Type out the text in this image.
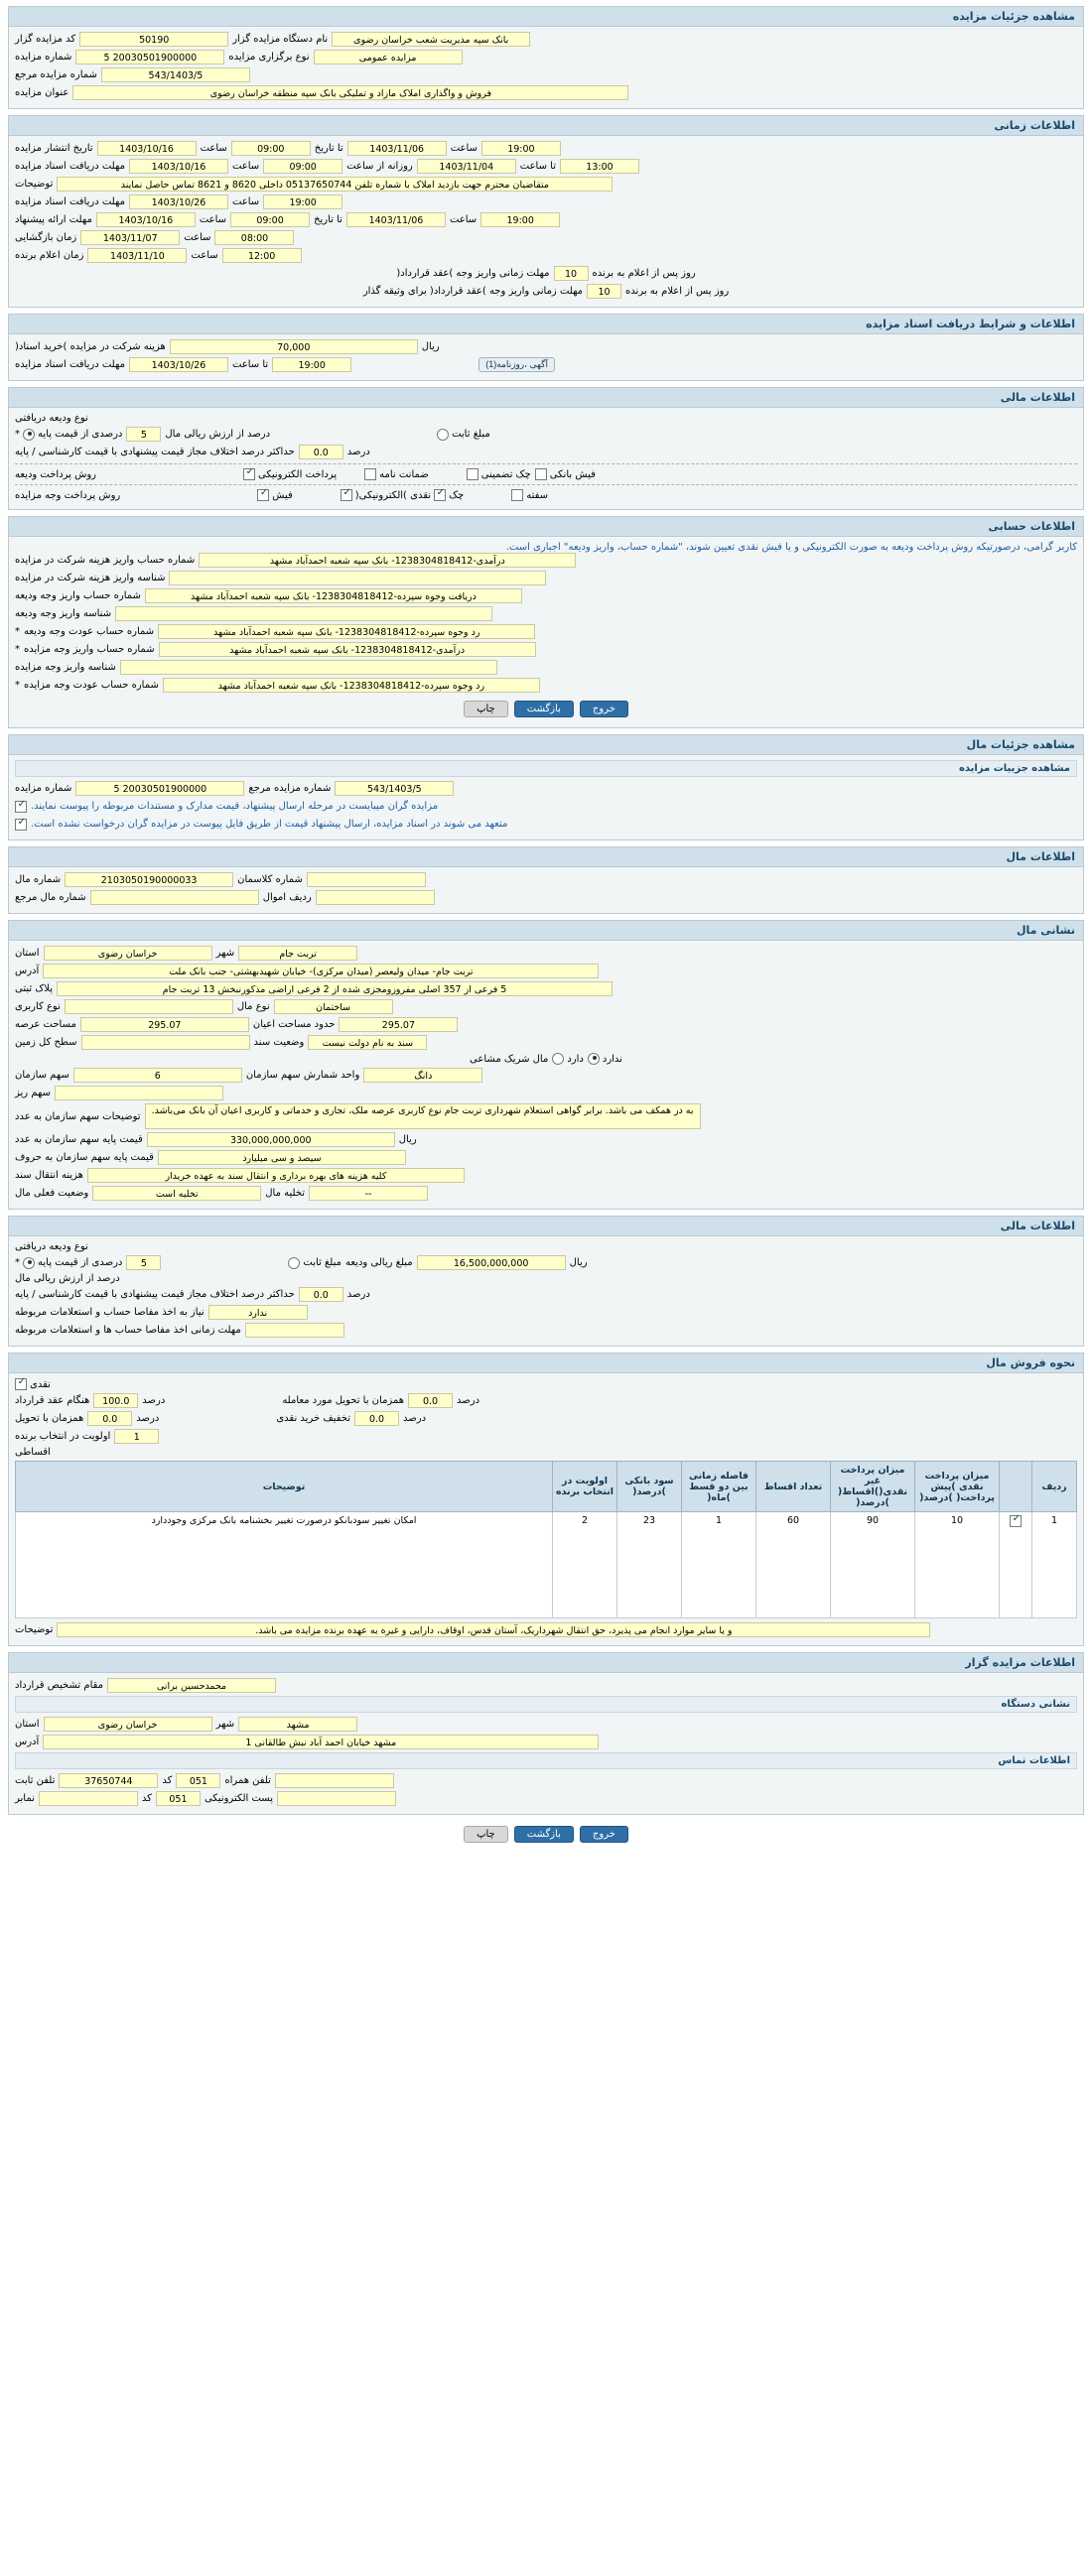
مشاهده جزئیات مزایده
بانک سپه مدیریت شعب خراسان رضوی
نام دستگاه مزایده گزار
50190
کد مزایده گزار
مزایده عمومی
نوع برگزاری مزایده
20030501900000 5
شماره مزایده
543/1403/5
شماره مزایده مرجع
فروش و واگذاری املاک مازاد و تملیکی بانک سپه منطقه خراسان رضوی
عنوان مزایده
اطلاعات زمانی
19:00
ساعت
1403/11/06
تا تاریخ
09:00
ساعت
1403/10/16
تاریخ انتشار مزایده
13:00
تا ساعت
1403/11/04
روزانه از ساعت
09:00
ساعت
1403/10/16
مهلت دریافت اسناد مزایده
متقاضیان محترم جهت بازدید املاک با شماره تلفن 05137650744 داخلی 8620 و 8621 تماس حاصل نمایند
توضیحات
19:00
ساعت
1403/10/26
مهلت دریافت اسناد مزایده
19:00
ساعت
1403/11/06
تا تاریخ
09:00
ساعت
1403/10/16
مهلت ارائه پیشنهاد
08:00
ساعت
1403/11/07
زمان بازگشایی
12:00
ساعت
1403/11/10
زمان اعلام برنده
روز پس از اعلام به برنده
10
مهلت زمانی واریز وجه )عقد قرارداد(
روز پس از اعلام به برنده
10
مهلت زمانی واریز وجه )عقد قرارداد( برای وثیقه گذار
اطلاعات و شرایط دریافت اسناد مزایده
ریال
70,000
هزینه شرکت در مزایده )خرید اسناد(
آگهی ،روزنامه(1)
19:00
تا ساعت
1403/10/26
مهلت دریافت اسناد مزایده
اطلاعات مالی
نوع ودیعه دریافتی
مبلغ ثابت
درصد از ارزش ریالی مال
5
درصدی از قیمت پایه
*
درصد
0.0
حداکثر درصد اختلاف مجاز قیمت پیشنهادی با قیمت کارشناسی / پایه
فیش بانکی
چک تضمینی
ضمانت نامه
پرداخت الکترونیکی
✓
روش پرداخت ودیعه
سفته
چک
✓
نقدی )الکترونیکی(
✓
فیش
✓
روش پرداخت وجه مزایده
اطلاعات حسابی
کاربر گرامی، درصورتیکه روش پرداخت ودیعه به صورت الکترونیکی و یا فیش نقدی تعیین شوند، "شماره حساب، واریز ودیعه" اجباری است.
درآمدی-1238304818412- بانک سپه شعبه احمدآباد مشهد
شماره حساب واریز هزینه شرکت در مزایده
شناسه واریز هزینه شرکت در مزایده
دریافت وجوه سپرده-1238304818412- بانک سپه شعبه احمدآباد مشهد
شماره حساب واریز وجه ودیعه
شناسه واریز وجه ودیعه
رد وجوه سپرده-1238304818412- بانک سپه شعبه احمدآباد مشهد
شماره حساب عودت وجه ودیعه
*
درآمدی-1238304818412- بانک سپه شعبه احمدآباد مشهد
شماره حساب واریز وجه مزایده
*
شناسه واریز وجه مزایده
رد وجوه سپرده-1238304818412- بانک سپه شعبه احمدآباد مشهد
شماره حساب عودت وجه مزایده
*
خروج
بازگشت
چاپ
مشاهده جزئیات مال
مشاهده جزییات مزایده
543/1403/5
شماره مزایده مرجع
20030501900000 5
شماره مزایده
مزایده گران میبایست در مرحله ارسال پیشنهاد، قیمت مدارک و مستندات مربوطه را پیوست نمایند.
✓
متعهد می شوند در اسناد مزایده، ارسال پیشنهاد قیمت از طریق فایل پیوست در مزایده گران درخواست نشده است.
✓
اطلاعات مال
شماره کلاسمان
2103050190000033
شماره مال
ردیف اموال
شماره مال مرجع
نشانی مال
تربت جام
شهر
خراسان رضوی
استان
تربت جام- میدان ولیعصر (میدان مرکزی)- خیابان شهیدبهشتی- جنب بانک ملت
آدرس
5 فرعی از 357 اصلی مفروزومجزی شده از 2 فرعی اراضی مذکورنبخش 13 تربت جام
پلاک ثبتی
ساختمان
نوع مال
نوع کاربری
295.07
حدود مساحت اعیان
295.07
مساحت عرصه
سند به نام دولت نیست
وضعیت سند
سطح کل زمین
ندارد
دارد
مال شریک مشاعی
دانگ
واحد شمارش سهم سازمان
6
سهم سازمان
سهم ریز
به در همکف می باشد. برابر گواهی استعلام شهرداری تربت جام نوع کاربری عرصه ملک، تجاری و خدماتی و کاربری اعیان آن بانک می‌باشد.
توضیحات سهم سازمان به عدد
ریال
330,000,000,000
قیمت پایه سهم سازمان به عدد
سیصد و سی میلیارد
قیمت پایه سهم سازمان به حروف
کلیه هزینه های بهره برداری و انتقال سند به عهده خریدار
هزینه انتقال سند
--
تخلیه مال
تخلیه است
وضعیت فعلی مال
اطلاعات مالی
نوع ودیعه دریافتی
ریال
16,500,000,000
مبلغ ریالی ودیعه
مبلغ ثابت
5
درصدی از قیمت پایه
*
درصد از ارزش ریالی مال
درصد
0.0
حداکثر درصد اختلاف مجاز قیمت پیشنهادی با قیمت کارشناسی / پایه
ندارد
نیاز به اخذ مفاصا حساب و استعلامات مربوطه
مهلت زمانی اخذ مفاصا حساب ها و استعلامات مربوطه
نحوه فروش مال
نقدی
✓
درصد
0.0
همزمان با تحویل مورد معامله
درصد
100.0
هنگام عقد قرارداد
درصد
0.0
تخفیف خرید نقدی
درصد
0.0
همزمان با تحویل
1
اولویت در انتخاب برنده
اقساطی
ردیف		میزان پرداخت نقدی )پیش پرداخت( )درصد(	میزان پرداخت غیر نقدی()اقساط( )درصد(	تعداد اقساط	فاصله زمانی بین دو قسط )ماه(	سود بانکی )درصد(	اولویت در انتخاب برنده	توضیحات
1	✓	10	90	60	1	23	2	امکان تغییر سودبانکو درصورت تغییر بخشنامه بانک مرکزی وجوددارد
و یا سایر موارد انجام می پذیرد، حق انتقال شهرداریک، آستان قدس، اوقاف، دارایی و غیره به عهده برنده مزایده می باشد.
توضیحات
اطلاعات مزایده گزار
محمدحسین برانی
مقام تشخیص قرارداد
نشانی دستگاه
مشهد
شهر
خراسان رضوی
استان
مشهد خیابان احمد آباد نبش طالقانی 1
آدرس
اطلاعات تماس
تلفن همراه
051
کد
37650744
تلفن ثابت
پست الکترونیکی
051
کد
نمابر
خروج
بازگشت
چاپ
